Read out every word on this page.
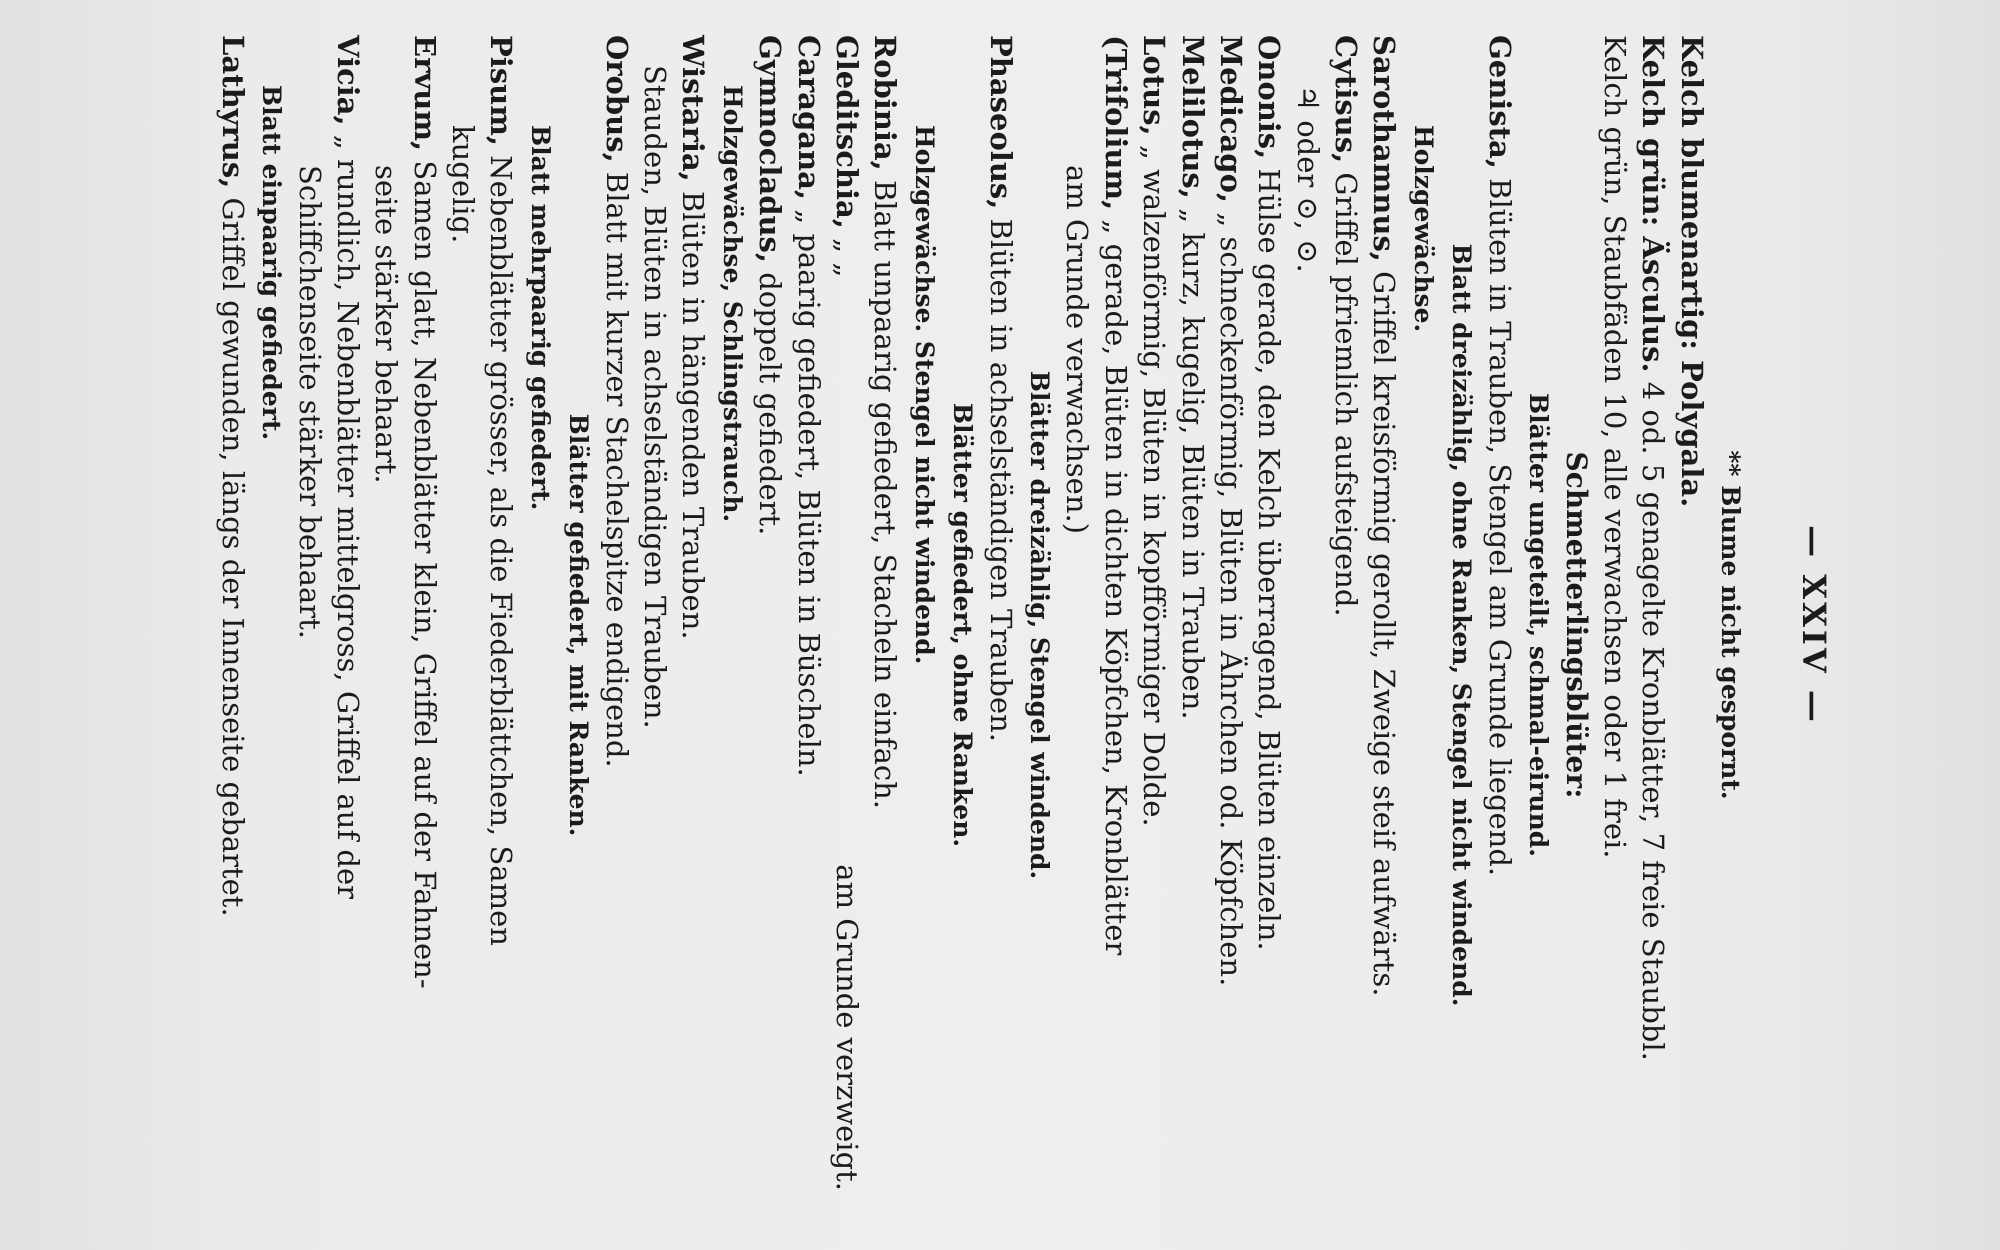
— XXIV —
** Blume nicht gespornt.
Kelch blumenartig: Polygala.
Kelch grün: Äsculus. 4 od. 5 genagelte Kronblätter, 7 freie Staubbl.
Kelch grün, Staubfäden 10, alle verwachsen oder 1 frei.
Schmetterlingsblüter:
Blätter ungeteilt, schmal-eirund.
Genista, Blüten in Trauben, Stengel am Grunde liegend.
Blatt dreizählig, ohne Ranken, Stengel nicht windend.
Holzgewächse.
Sarothamnus, Griffel kreisförmig gerollt, Zweige steif aufwärts.
Cytisus, Griffel pfriemlich aufsteigend.
♃ oder ⊙, ⊙.
Ononis, Hülse gerade, den Kelch überragend, Blüten einzeln.
Medicago, „ schneckenförmig, Blüten in Ährchen od. Köpfchen.
Melilotus, „ kurz, kugelig, Blüten in Trauben.
Lotus, „ walzenförmig, Blüten in kopfförmiger Dolde.
(Trifolium, „ gerade, Blüten in dichten Köpfchen, Kronblätter
am Grunde verwachsen.)
Blätter dreizählig, Stengel windend.
Phaseolus, Blüten in achselständigen Trauben.
Blätter gefiedert, ohne Ranken.
Holzgewächse. Stengel nicht windend.
Robinia, Blatt unpaarig gefiedert, Stacheln einfach.
Gleditschia, „ „
am Grunde verzweigt.
Caragana, „ paarig gefiedert, Blüten in Büscheln.
Gymnocladus, doppelt gefiedert.
Holzgewächse, Schlingstrauch.
Wistaria, Blüten in hängenden Trauben.
Stauden, Blüten in achselständigen Trauben.
Orobus, Blatt mit kurzer Stachelspitze endigend.
Blätter gefiedert, mit Ranken.
Blatt mehrpaarig gefiedert.
Pisum, Nebenblätter grösser, als die Fiederblättchen, Samen
kugelig.
Ervum, Samen glatt, Nebenblätter klein, Griffel auf der Fahnen-
seite stärker behaart.
Vicia, „ rundlich, Nebenblätter mittelgross, Griffel auf der
Schiffchenseite stärker behaart.
Blatt einpaarig gefiedert.
Lathyrus, Griffel gewunden, längs der Innenseite gebartet.
